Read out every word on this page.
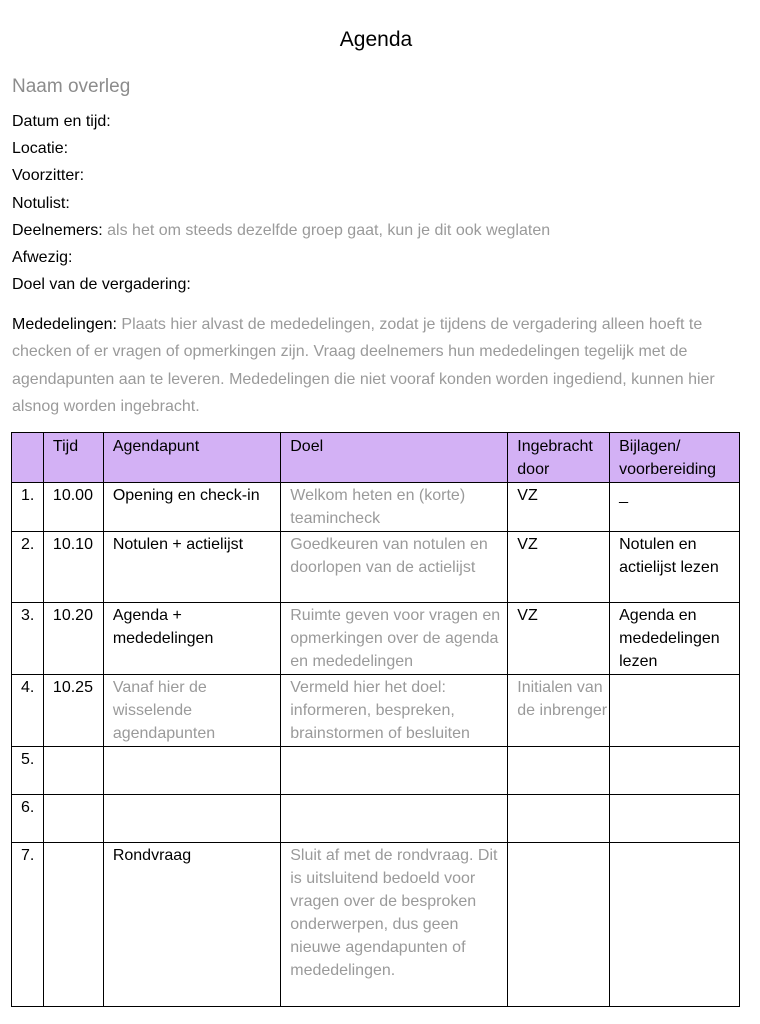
Agenda
Naam overleg
Datum en tijd:
Locatie:
Voorzitter:
Notulist:
Deelnemers: als het om steeds dezelfde groep gaat, kun je dit ook weglaten
Afwezig:
Doel van de vergadering:
Mededelingen: Plaats hier alvast de mededelingen, zodat je tijdens de vergadering alleen hoeft te checken of er vragen of opmerkingen zijn. Vraag deelnemers hun mededelingen tegelijk met de agendapunten aan te leveren. Mededelingen die niet vooraf konden worden ingediend, kunnen hier alsnog worden ingebracht.
	Tijd	Agendapunt	Doel	Ingebracht door	Bijlagen/ voorbereiding
1.	10.00	Opening en check-in	Welkom heten en (korte) teamincheck	VZ	_
2.	10.10	Notulen + actielijst	Goedkeuren van notulen en doorlopen van de actielijst	VZ	Notulen en actielijst lezen
3.	10.20	Agenda + mededelingen	Ruimte geven voor vragen en opmerkingen over de agenda en mededelingen	VZ	Agenda en mededelingen lezen
4.	10.25	Vanaf hier de wisselende agendapunten	Vermeld hier het doel: informeren, bespreken, brainstormen of besluiten	Initialen van de inbrenger	
5.					
6.					
7.		Rondvraag	Sluit af met de rondvraag. Dit is uitsluitend bedoeld voor vragen over de besproken onderwerpen, dus geen nieuwe agendapunten of mededelingen.		
